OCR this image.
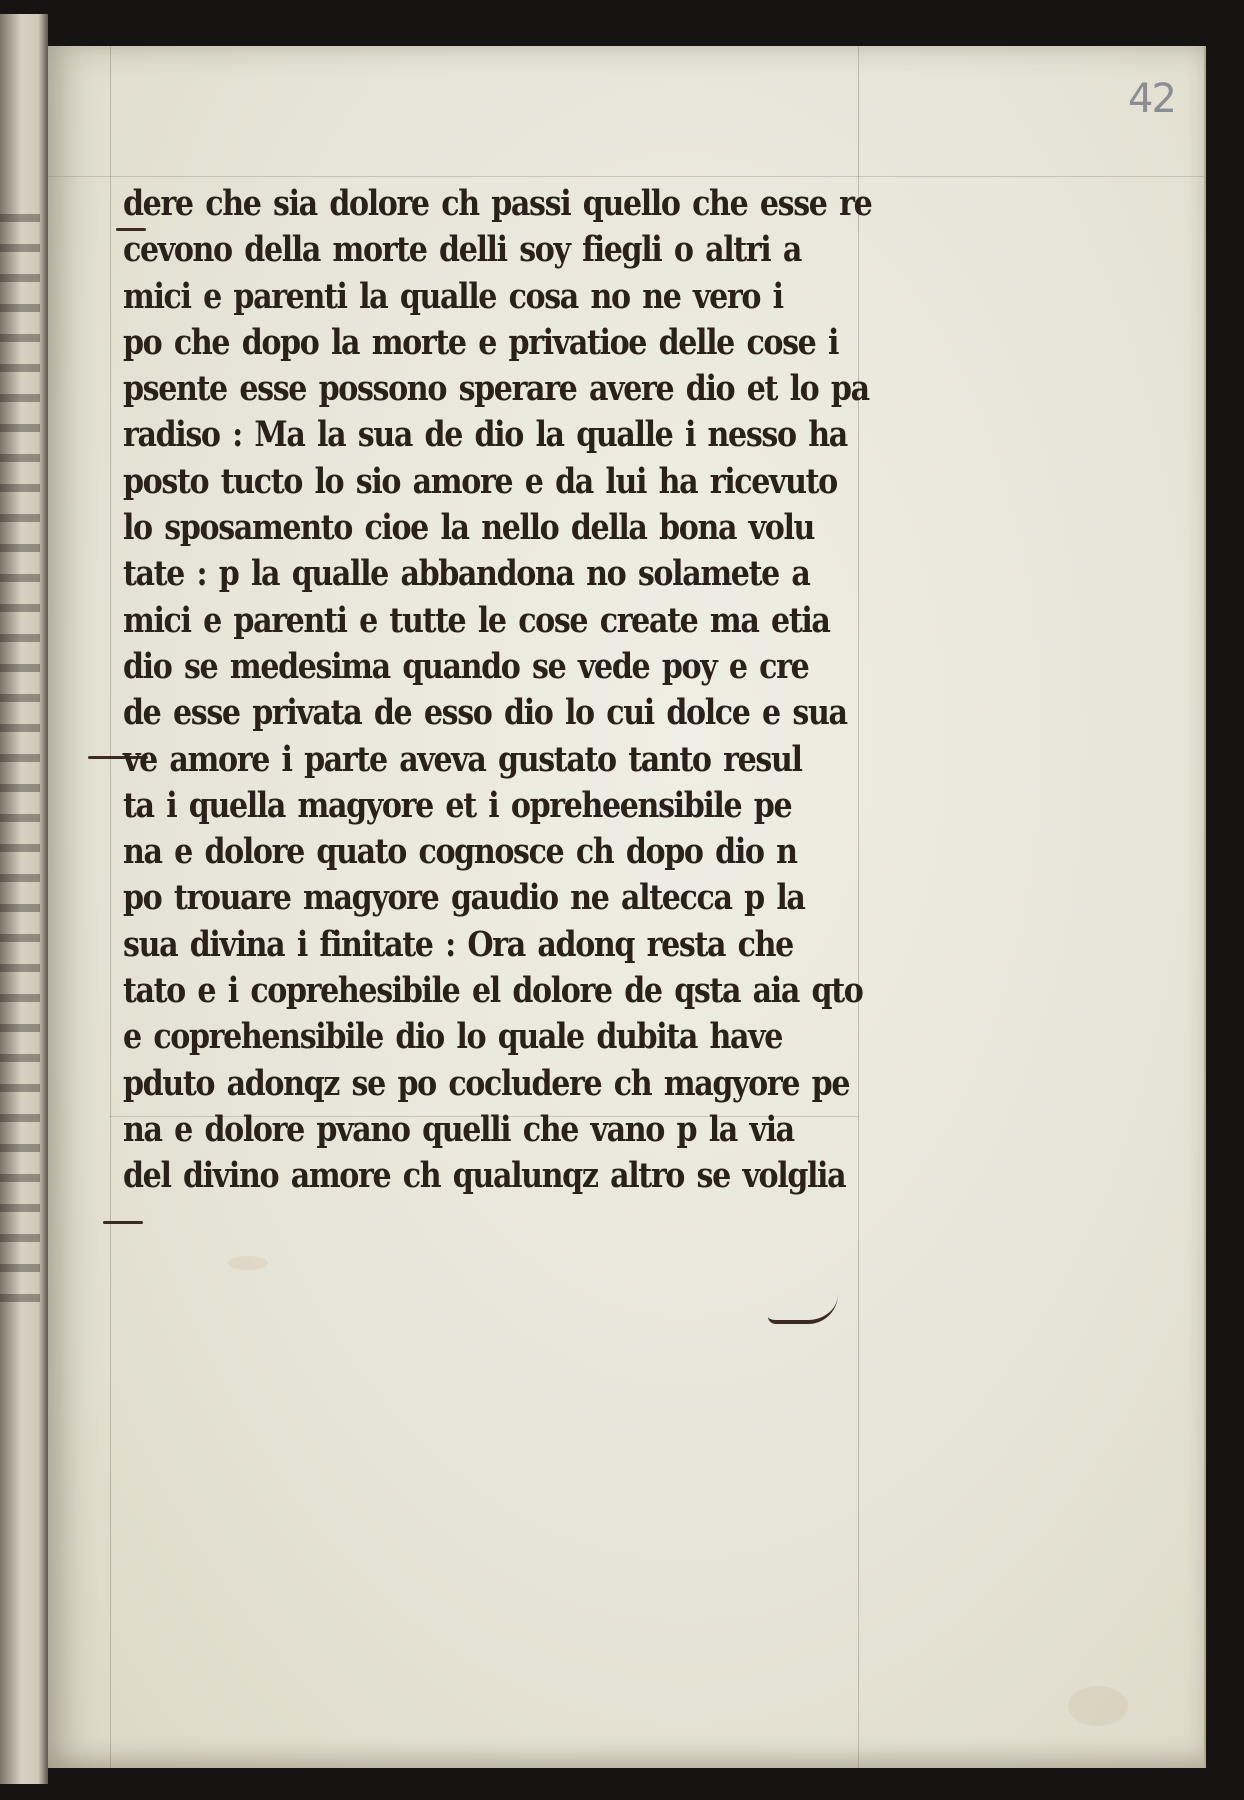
42
dere che sia dolore ch passi quello che esse re
cevono della morte delli soy fiegli o altri a
mici e parenti la qualle cosa no ne vero i
po che dopo la morte e privatioe delle cose i
psente esse possono sperare avere dio et lo pa
radiso : Ma la sua de dio la qualle i nesso ha
posto tucto lo sio amore e da lui ha ricevuto
lo sposamento cioe la nello della bona volu
tate : p la qualle abbandona no solamete a
mici e parenti e tutte le cose create ma etia
dio se medesima quando se vede poy e cre
de esse privata de esso dio lo cui dolce e sua
ve amore i parte aveva gustato tanto resul
ta i quella magyore et i opreheensibile pe
na e dolore quato cognosce ch dopo dio n
po trouare magyore gaudio ne altecca p la
sua divina i finitate : Ora adonq resta che
tato e i coprehesibile el dolore de qsta aia qto
e coprehensibile dio lo quale dubita have
pduto adonqz se po cocludere ch magyore pe
na e dolore pvano quelli che vano p la via
del divino amore ch qualunqz altro se volglia
